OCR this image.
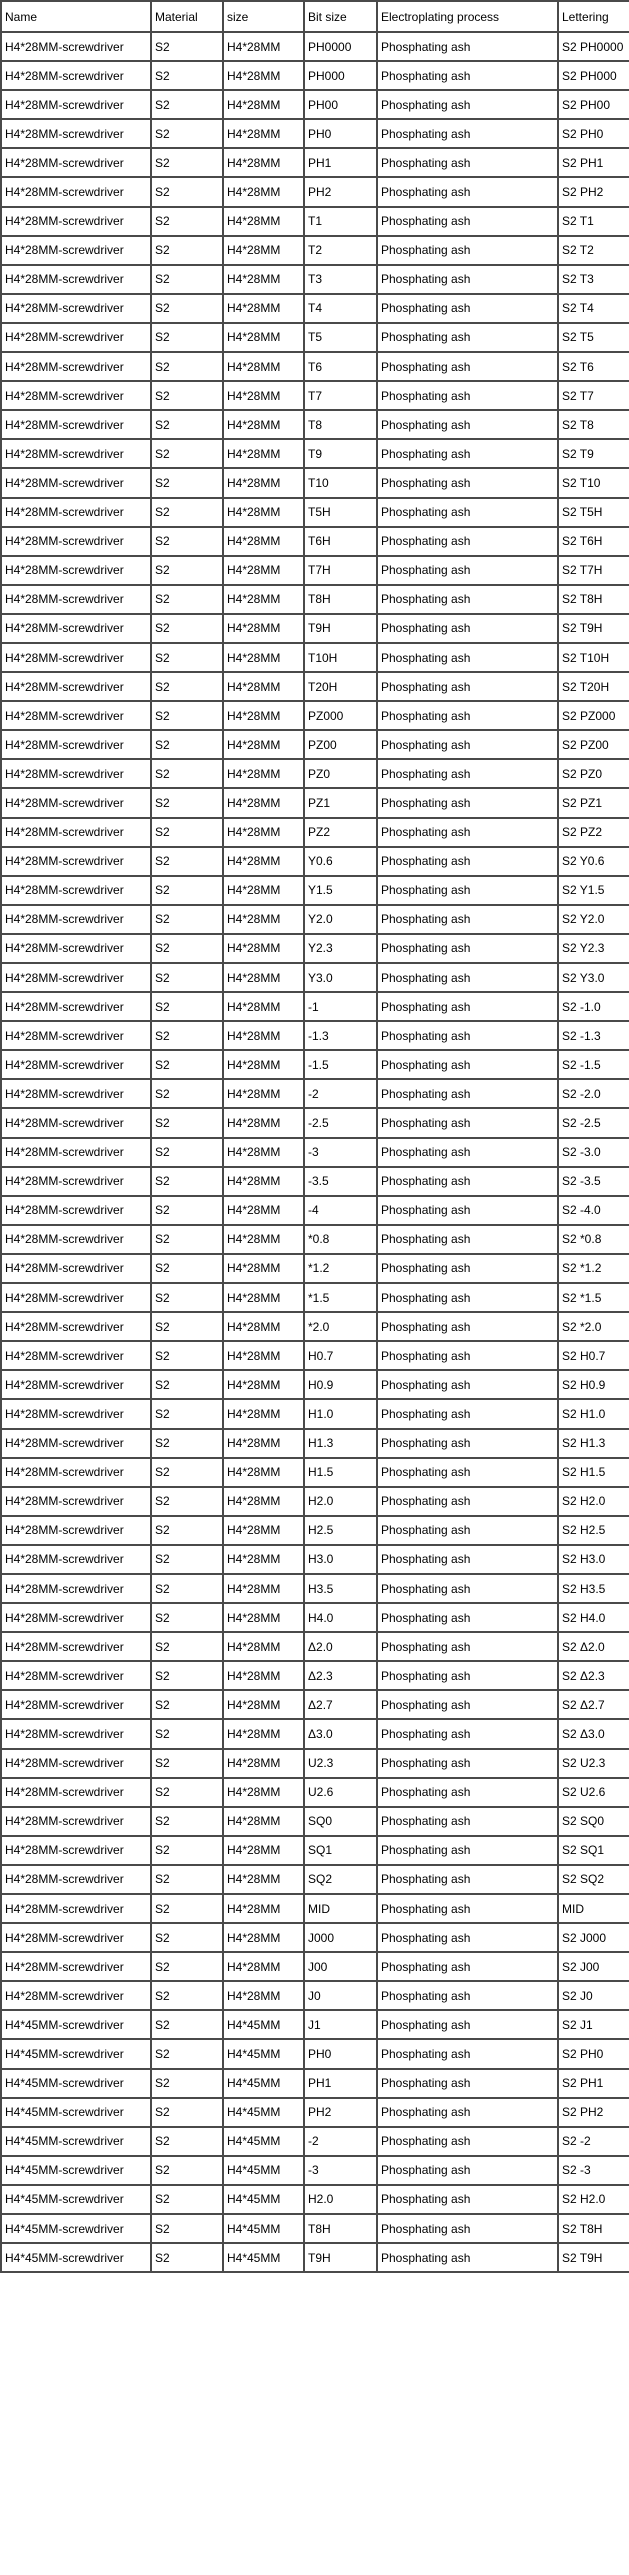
Name	Material	size	Bit size	Electroplating process	Lettering
H4*28MM-screwdriver	S2	H4*28MM	PH0000	Phosphating ash	S2 PH0000
H4*28MM-screwdriver	S2	H4*28MM	PH000	Phosphating ash	S2 PH000
H4*28MM-screwdriver	S2	H4*28MM	PH00	Phosphating ash	S2 PH00
H4*28MM-screwdriver	S2	H4*28MM	PH0	Phosphating ash	S2 PH0
H4*28MM-screwdriver	S2	H4*28MM	PH1	Phosphating ash	S2 PH1
H4*28MM-screwdriver	S2	H4*28MM	PH2	Phosphating ash	S2 PH2
H4*28MM-screwdriver	S2	H4*28MM	T1	Phosphating ash	S2 T1
H4*28MM-screwdriver	S2	H4*28MM	T2	Phosphating ash	S2 T2
H4*28MM-screwdriver	S2	H4*28MM	T3	Phosphating ash	S2 T3
H4*28MM-screwdriver	S2	H4*28MM	T4	Phosphating ash	S2 T4
H4*28MM-screwdriver	S2	H4*28MM	T5	Phosphating ash	S2 T5
H4*28MM-screwdriver	S2	H4*28MM	T6	Phosphating ash	S2 T6
H4*28MM-screwdriver	S2	H4*28MM	T7	Phosphating ash	S2 T7
H4*28MM-screwdriver	S2	H4*28MM	T8	Phosphating ash	S2 T8
H4*28MM-screwdriver	S2	H4*28MM	T9	Phosphating ash	S2 T9
H4*28MM-screwdriver	S2	H4*28MM	T10	Phosphating ash	S2 T10
H4*28MM-screwdriver	S2	H4*28MM	T5H	Phosphating ash	S2 T5H
H4*28MM-screwdriver	S2	H4*28MM	T6H	Phosphating ash	S2 T6H
H4*28MM-screwdriver	S2	H4*28MM	T7H	Phosphating ash	S2 T7H
H4*28MM-screwdriver	S2	H4*28MM	T8H	Phosphating ash	S2 T8H
H4*28MM-screwdriver	S2	H4*28MM	T9H	Phosphating ash	S2 T9H
H4*28MM-screwdriver	S2	H4*28MM	T10H	Phosphating ash	S2 T10H
H4*28MM-screwdriver	S2	H4*28MM	T20H	Phosphating ash	S2 T20H
H4*28MM-screwdriver	S2	H4*28MM	PZ000	Phosphating ash	S2 PZ000
H4*28MM-screwdriver	S2	H4*28MM	PZ00	Phosphating ash	S2 PZ00
H4*28MM-screwdriver	S2	H4*28MM	PZ0	Phosphating ash	S2 PZ0
H4*28MM-screwdriver	S2	H4*28MM	PZ1	Phosphating ash	S2 PZ1
H4*28MM-screwdriver	S2	H4*28MM	PZ2	Phosphating ash	S2 PZ2
H4*28MM-screwdriver	S2	H4*28MM	Y0.6	Phosphating ash	S2 Y0.6
H4*28MM-screwdriver	S2	H4*28MM	Y1.5	Phosphating ash	S2 Y1.5
H4*28MM-screwdriver	S2	H4*28MM	Y2.0	Phosphating ash	S2 Y2.0
H4*28MM-screwdriver	S2	H4*28MM	Y2.3	Phosphating ash	S2 Y2.3
H4*28MM-screwdriver	S2	H4*28MM	Y3.0	Phosphating ash	S2 Y3.0
H4*28MM-screwdriver	S2	H4*28MM	-1	Phosphating ash	S2 -1.0
H4*28MM-screwdriver	S2	H4*28MM	-1.3	Phosphating ash	S2 -1.3
H4*28MM-screwdriver	S2	H4*28MM	-1.5	Phosphating ash	S2 -1.5
H4*28MM-screwdriver	S2	H4*28MM	-2	Phosphating ash	S2 -2.0
H4*28MM-screwdriver	S2	H4*28MM	-2.5	Phosphating ash	S2 -2.5
H4*28MM-screwdriver	S2	H4*28MM	-3	Phosphating ash	S2 -3.0
H4*28MM-screwdriver	S2	H4*28MM	-3.5	Phosphating ash	S2 -3.5
H4*28MM-screwdriver	S2	H4*28MM	-4	Phosphating ash	S2 -4.0
H4*28MM-screwdriver	S2	H4*28MM	*0.8	Phosphating ash	S2 *0.8
H4*28MM-screwdriver	S2	H4*28MM	*1.2	Phosphating ash	S2 *1.2
H4*28MM-screwdriver	S2	H4*28MM	*1.5	Phosphating ash	S2 *1.5
H4*28MM-screwdriver	S2	H4*28MM	*2.0	Phosphating ash	S2 *2.0
H4*28MM-screwdriver	S2	H4*28MM	H0.7	Phosphating ash	S2 H0.7
H4*28MM-screwdriver	S2	H4*28MM	H0.9	Phosphating ash	S2 H0.9
H4*28MM-screwdriver	S2	H4*28MM	H1.0	Phosphating ash	S2 H1.0
H4*28MM-screwdriver	S2	H4*28MM	H1.3	Phosphating ash	S2 H1.3
H4*28MM-screwdriver	S2	H4*28MM	H1.5	Phosphating ash	S2 H1.5
H4*28MM-screwdriver	S2	H4*28MM	H2.0	Phosphating ash	S2 H2.0
H4*28MM-screwdriver	S2	H4*28MM	H2.5	Phosphating ash	S2 H2.5
H4*28MM-screwdriver	S2	H4*28MM	H3.0	Phosphating ash	S2 H3.0
H4*28MM-screwdriver	S2	H4*28MM	H3.5	Phosphating ash	S2 H3.5
H4*28MM-screwdriver	S2	H4*28MM	H4.0	Phosphating ash	S2 H4.0
H4*28MM-screwdriver	S2	H4*28MM	Δ2.0	Phosphating ash	S2 Δ2.0
H4*28MM-screwdriver	S2	H4*28MM	Δ2.3	Phosphating ash	S2 Δ2.3
H4*28MM-screwdriver	S2	H4*28MM	Δ2.7	Phosphating ash	S2 Δ2.7
H4*28MM-screwdriver	S2	H4*28MM	Δ3.0	Phosphating ash	S2 Δ3.0
H4*28MM-screwdriver	S2	H4*28MM	U2.3	Phosphating ash	S2 U2.3
H4*28MM-screwdriver	S2	H4*28MM	U2.6	Phosphating ash	S2 U2.6
H4*28MM-screwdriver	S2	H4*28MM	SQ0	Phosphating ash	S2 SQ0
H4*28MM-screwdriver	S2	H4*28MM	SQ1	Phosphating ash	S2 SQ1
H4*28MM-screwdriver	S2	H4*28MM	SQ2	Phosphating ash	S2 SQ2
H4*28MM-screwdriver	S2	H4*28MM	MID	Phosphating ash	MID
H4*28MM-screwdriver	S2	H4*28MM	J000	Phosphating ash	S2 J000
H4*28MM-screwdriver	S2	H4*28MM	J00	Phosphating ash	S2 J00
H4*28MM-screwdriver	S2	H4*28MM	J0	Phosphating ash	S2 J0
H4*45MM-screwdriver	S2	H4*45MM	J1	Phosphating ash	S2 J1
H4*45MM-screwdriver	S2	H4*45MM	PH0	Phosphating ash	S2 PH0
H4*45MM-screwdriver	S2	H4*45MM	PH1	Phosphating ash	S2 PH1
H4*45MM-screwdriver	S2	H4*45MM	PH2	Phosphating ash	S2 PH2
H4*45MM-screwdriver	S2	H4*45MM	-2	Phosphating ash	S2 -2
H4*45MM-screwdriver	S2	H4*45MM	-3	Phosphating ash	S2 -3
H4*45MM-screwdriver	S2	H4*45MM	H2.0	Phosphating ash	S2 H2.0
H4*45MM-screwdriver	S2	H4*45MM	T8H	Phosphating ash	S2 T8H
H4*45MM-screwdriver	S2	H4*45MM	T9H	Phosphating ash	S2 T9H
